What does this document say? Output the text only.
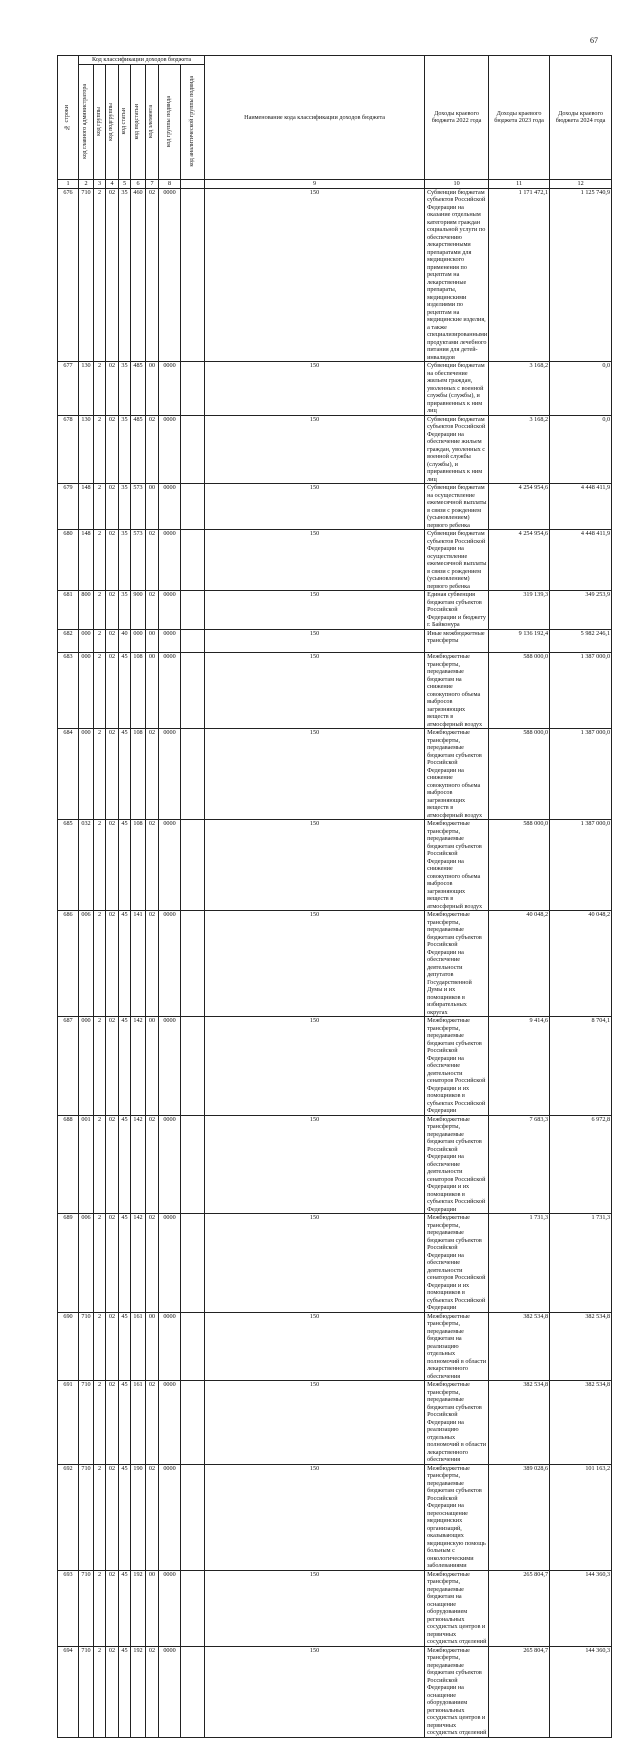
67
№ строки	Код классификации доходов бюджета								Наименование кода классификации доходов бюджета	Доходы краевого бюджета 2022 года	Доходы краевого бюджета 2023 года	Доходы краевого бюджета 2024 года	

	код главного администратора	код группы	код подгруппы	код статьи	код подстатьи	код элемента	код группы подвида	код аналитической группы подвида					

1	2	3	4	5	6	7	8		9	10	11	12	
676	710	2	02	35	460	02	0000		150	Субвенции бюджетам субъектов Российской Федерации на оказание отдельным категориям граждан социальной услуги по обеспечению лекарственными препаратами для медицинского применения по рецептам на лекарственные препараты, медицинскими изделиями по рецептам на медицинские изделия, а также специализированными продуктами лечебного питания для детей-инвалидов	1 171 472,1	1 125 740,9	
677	130	2	02	35	485	00	0000		150	Субвенции бюджетам на обеспечение жильем граждан, уволенных с военной службы (службы), и приравненных к ним лиц	3 168,2	0,0	
678	130	2	02	35	485	02	0000		150	Субвенции бюджетам субъектов Российской Федерации на обеспечение жильем граждан, уволенных с военной службы (службы), и приравненных к ним лиц	3 168,2	0,0	
679	148	2	02	35	573	00	0000		150	Субвенции бюджетам на осуществление ежемесячной выплаты в связи с рождением (усыновлением) первого ребенка	4 254 954,6	4 448 411,9	
680	148	2	02	35	573	02	0000		150	Субвенции бюджетам субъектов Российской Федерации на осуществление ежемесячной выплаты в связи с рождением (усыновлением) первого ребенка	4 254 954,6	4 448 411,9	
681	800	2	02	35	900	02	0000		150	Единая субвенция бюджетам субъектов Российской Федерации и бюджету г. Байконура	319 139,3	349 253,9	
682	000	2	02	40	000	00	0000		150	Иные межбюджетные трансферты	9 136 192,4	5 982 246,1	
683	000	2	02	45	108	00	0000		150	Межбюджетные трансферты, передаваемые бюджетам на снижение совокупного объема выбросов загрязняющих веществ в атмосферный воздух	588 000,0	1 387 000,0	
684	000	2	02	45	108	02	0000		150	Межбюджетные трансферты, передаваемые бюджетам субъектов Российской Федерации на снижение совокупного объема выбросов загрязняющих веществ в атмосферный воздух	588 000,0	1 387 000,0	
685	032	2	02	45	108	02	0000		150	Межбюджетные трансферты, передаваемые бюджетам субъектов Российской Федерации на снижение совокупного объема выбросов загрязняющих веществ в атмосферный воздух	588 000,0	1 387 000,0	
686	006	2	02	45	141	02	0000		150	Межбюджетные трансферты, передаваемые бюджетам субъектов Российской Федерации на обеспечение деятельности депутатов Государственной Думы и их помощников в избирательных округах	40 048,2	40 048,2	
687	000	2	02	45	142	00	0000		150	Межбюджетные трансферты, передаваемые бюджетам субъектов Российской Федерации на обеспечение деятельности сенаторов Российской Федерации и их помощников в субъектах Российской Федерации	9 414,6	8 704,1	
688	001	2	02	45	142	02	0000		150	Межбюджетные трансферты, передаваемые бюджетам субъектов Российской Федерации на обеспечение деятельности сенаторов Российской Федерации и их помощников в субъектах Российской Федерации	7 683,3	6 972,8	
689	006	2	02	45	142	02	0000		150	Межбюджетные трансферты, передаваемые бюджетам субъектов Российской Федерации на обеспечение деятельности сенаторов Российской Федерации и их помощников в субъектах Российской Федерации	1 731,3	1 731,3	
690	710	2	02	45	161	00	0000		150	Межбюджетные трансферты, передаваемые бюджетам на реализацию отдельных полномочий в области лекарственного обеспечения	382 534,8	382 534,8	
691	710	2	02	45	161	02	0000		150	Межбюджетные трансферты, передаваемые бюджетам субъектов Российской Федерации на реализацию отдельных полномочий в области лекарственного обеспечения	382 534,8	382 534,8	
692	710	2	02	45	190	02	0000		150	Межбюджетные трансферты, передаваемые бюджетам субъектов Российской Федерации на переоснащение медицинских организаций, оказывающих медицинскую помощь больным с онкологическими заболеваниями	389 028,6	101 163,2	
693	710	2	02	45	192	00	0000		150	Межбюджетные трансферты, передаваемые бюджетам на оснащение оборудованием региональных сосудистых центров и первичных сосудистых отделений	265 804,7	144 360,3	
694	710	2	02	45	192	02	0000		150	Межбюджетные трансферты, передаваемые бюджетам субъектов Российской Федерации на оснащение оборудованием региональных сосудистых центров и первичных сосудистых отделений	265 804,7	144 360,3	
